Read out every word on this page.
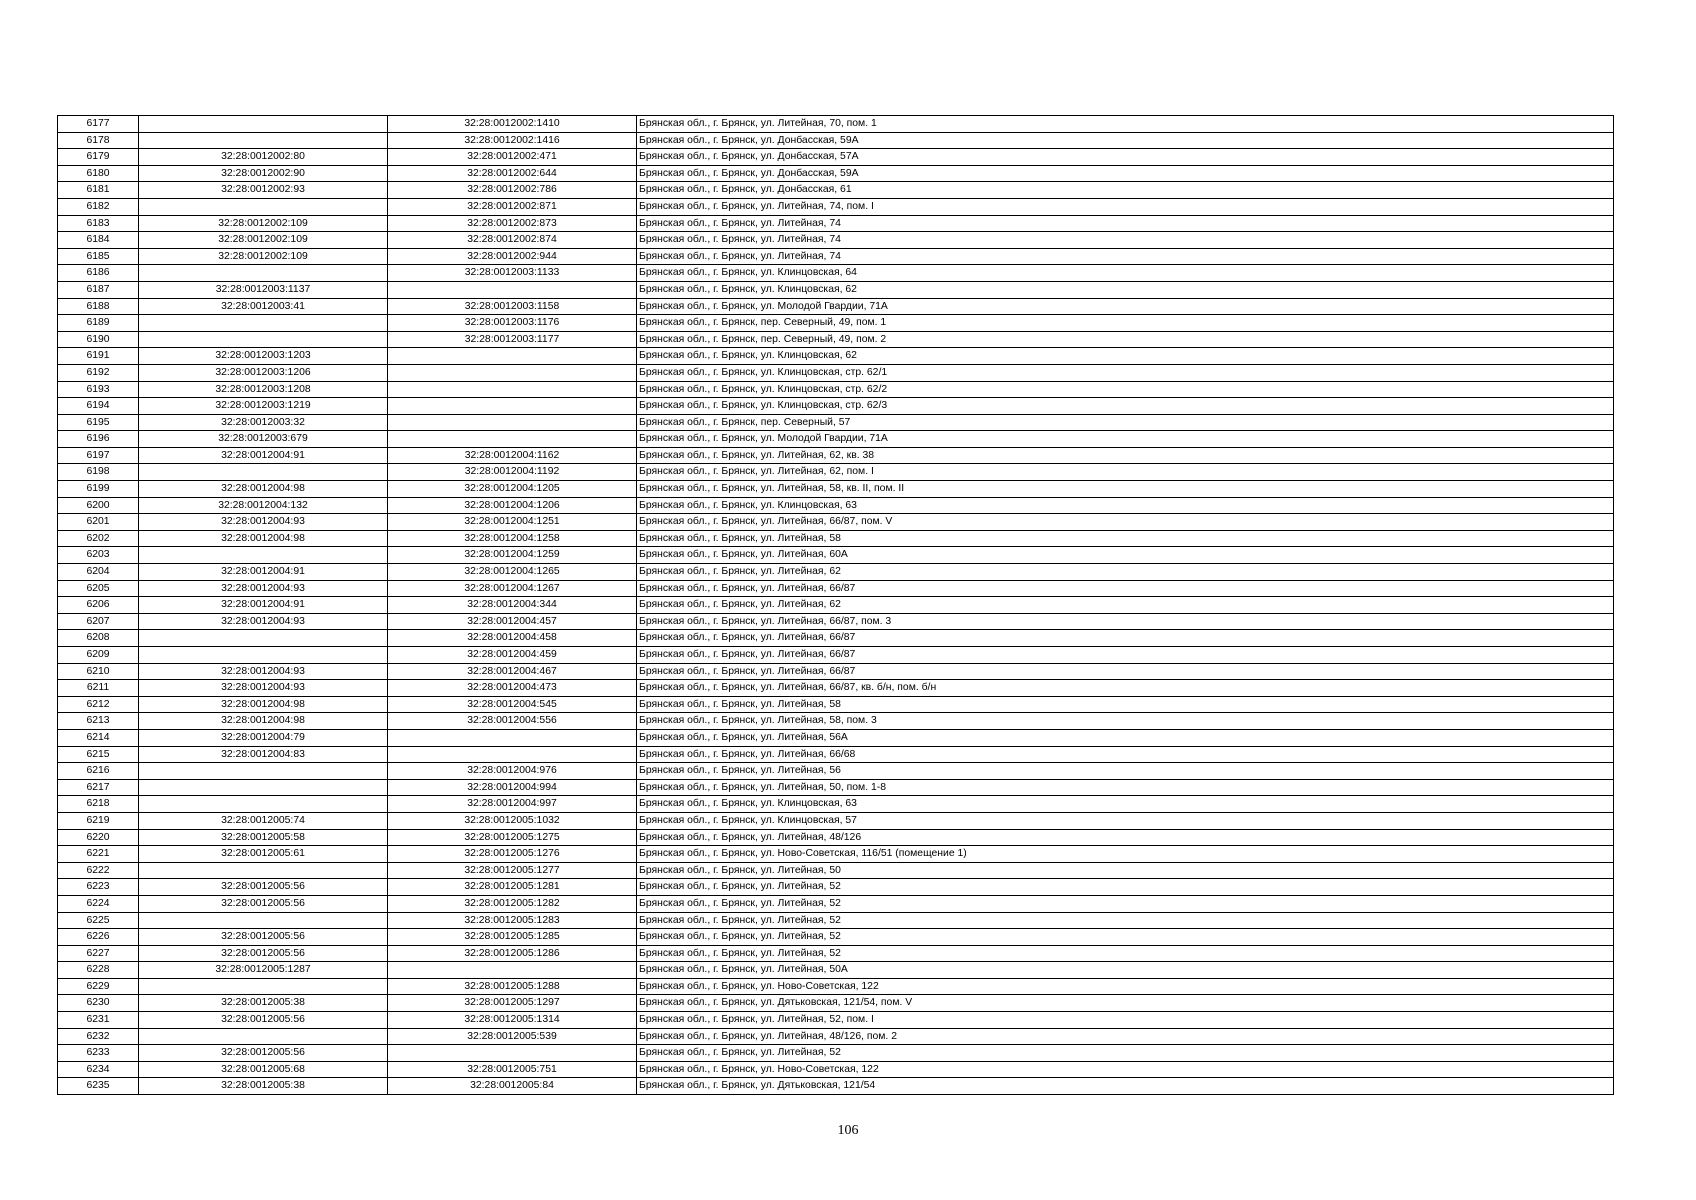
6177		32:28:0012002:1410	Брянская обл., г. Брянск, ул. Литейная, 70, пом. 1
6178		32:28:0012002:1416	Брянская обл., г. Брянск, ул. Донбасская, 59А
6179	32:28:0012002:80	32:28:0012002:471	Брянская обл., г. Брянск, ул. Донбасская, 57А
6180	32:28:0012002:90	32:28:0012002:644	Брянская обл., г. Брянск, ул. Донбасская, 59А
6181	32:28:0012002:93	32:28:0012002:786	Брянская обл., г. Брянск, ул. Донбасская, 61
6182		32:28:0012002:871	Брянская обл., г. Брянск, ул. Литейная, 74, пом. I
6183	32:28:0012002:109	32:28:0012002:873	Брянская обл., г. Брянск, ул. Литейная, 74
6184	32:28:0012002:109	32:28:0012002:874	Брянская обл., г. Брянск, ул. Литейная, 74
6185	32:28:0012002:109	32:28:0012002:944	Брянская обл., г. Брянск, ул. Литейная, 74
6186		32:28:0012003:1133	Брянская обл., г. Брянск, ул. Клинцовская, 64
6187	32:28:0012003:1137		Брянская обл., г. Брянск, ул. Клинцовская, 62
6188	32:28:0012003:41	32:28:0012003:1158	Брянская обл., г. Брянск, ул. Молодой Гвардии, 71А
6189		32:28:0012003:1176	Брянская обл., г. Брянск, пер. Северный, 49, пом. 1
6190		32:28:0012003:1177	Брянская обл., г. Брянск, пер. Северный, 49, пом. 2
6191	32:28:0012003:1203		Брянская обл., г. Брянск, ул. Клинцовская, 62
6192	32:28:0012003:1206		Брянская обл., г. Брянск, ул. Клинцовская, стр. 62/1
6193	32:28:0012003:1208		Брянская обл., г. Брянск, ул. Клинцовская, стр. 62/2
6194	32:28:0012003:1219		Брянская обл., г. Брянск, ул. Клинцовская, стр. 62/3
6195	32:28:0012003:32		Брянская обл., г. Брянск, пер. Северный, 57
6196	32:28:0012003:679		Брянская обл., г. Брянск, ул. Молодой Гвардии, 71А
6197	32:28:0012004:91	32:28:0012004:1162	Брянская обл., г. Брянск, ул. Литейная, 62, кв. 38
6198		32:28:0012004:1192	Брянская обл., г. Брянск, ул. Литейная, 62, пом. I
6199	32:28:0012004:98	32:28:0012004:1205	Брянская обл., г. Брянск, ул. Литейная, 58, кв. II, пом. II
6200	32:28:0012004:132	32:28:0012004:1206	Брянская обл., г. Брянск, ул. Клинцовская, 63
6201	32:28:0012004:93	32:28:0012004:1251	Брянская обл., г. Брянск, ул. Литейная, 66/87, пом. V
6202	32:28:0012004:98	32:28:0012004:1258	Брянская обл., г. Брянск, ул. Литейная, 58
6203		32:28:0012004:1259	Брянская обл., г. Брянск, ул. Литейная, 60А
6204	32:28:0012004:91	32:28:0012004:1265	Брянская обл., г. Брянск, ул. Литейная, 62
6205	32:28:0012004:93	32:28:0012004:1267	Брянская обл., г. Брянск, ул. Литейная, 66/87
6206	32:28:0012004:91	32:28:0012004:344	Брянская обл., г. Брянск, ул. Литейная, 62
6207	32:28:0012004:93	32:28:0012004:457	Брянская обл., г. Брянск, ул. Литейная, 66/87, пом. 3
6208		32:28:0012004:458	Брянская обл., г. Брянск, ул. Литейная, 66/87
6209		32:28:0012004:459	Брянская обл., г. Брянск, ул. Литейная, 66/87
6210	32:28:0012004:93	32:28:0012004:467	Брянская обл., г. Брянск, ул. Литейная, 66/87
6211	32:28:0012004:93	32:28:0012004:473	Брянская обл., г. Брянск, ул. Литейная, 66/87, кв. б/н, пом. б/н
6212	32:28:0012004:98	32:28:0012004:545	Брянская обл., г. Брянск, ул. Литейная, 58
6213	32:28:0012004:98	32:28:0012004:556	Брянская обл., г. Брянск, ул. Литейная, 58, пом. 3
6214	32:28:0012004:79		Брянская обл., г. Брянск, ул. Литейная, 56А
6215	32:28:0012004:83		Брянская обл., г. Брянск, ул. Литейная, 66/68
6216		32:28:0012004:976	Брянская обл., г. Брянск, ул. Литейная, 56
6217		32:28:0012004:994	Брянская обл., г. Брянск, ул. Литейная, 50, пом. 1-8
6218		32:28:0012004:997	Брянская обл., г. Брянск, ул. Клинцовская, 63
6219	32:28:0012005:74	32:28:0012005:1032	Брянская обл., г. Брянск, ул. Клинцовская, 57
6220	32:28:0012005:58	32:28:0012005:1275	Брянская обл., г. Брянск, ул. Литейная, 48/126
6221	32:28:0012005:61	32:28:0012005:1276	Брянская обл., г. Брянск, ул. Ново-Советская, 116/51 (помещение 1)
6222		32:28:0012005:1277	Брянская обл., г. Брянск, ул. Литейная, 50
6223	32:28:0012005:56	32:28:0012005:1281	Брянская обл., г. Брянск, ул. Литейная, 52
6224	32:28:0012005:56	32:28:0012005:1282	Брянская обл., г. Брянск, ул. Литейная, 52
6225		32:28:0012005:1283	Брянская обл., г. Брянск, ул. Литейная, 52
6226	32:28:0012005:56	32:28:0012005:1285	Брянская обл., г. Брянск, ул. Литейная, 52
6227	32:28:0012005:56	32:28:0012005:1286	Брянская обл., г. Брянск, ул. Литейная, 52
6228	32:28:0012005:1287		Брянская обл., г. Брянск, ул. Литейная, 50А
6229		32:28:0012005:1288	Брянская обл., г. Брянск, ул. Ново-Советская, 122
6230	32:28:0012005:38	32:28:0012005:1297	Брянская обл., г. Брянск, ул. Дятьковская, 121/54, пом. V
6231	32:28:0012005:56	32:28:0012005:1314	Брянская обл., г. Брянск, ул. Литейная, 52, пом. I
6232		32:28:0012005:539	Брянская обл., г. Брянск, ул. Литейная, 48/126, пом. 2
6233	32:28:0012005:56		Брянская обл., г. Брянск, ул. Литейная, 52
6234	32:28:0012005:68	32:28:0012005:751	Брянская обл., г. Брянск, ул. Ново-Советская, 122
6235	32:28:0012005:38	32:28:0012005:84	Брянская обл., г. Брянск, ул. Дятьковская, 121/54
106
